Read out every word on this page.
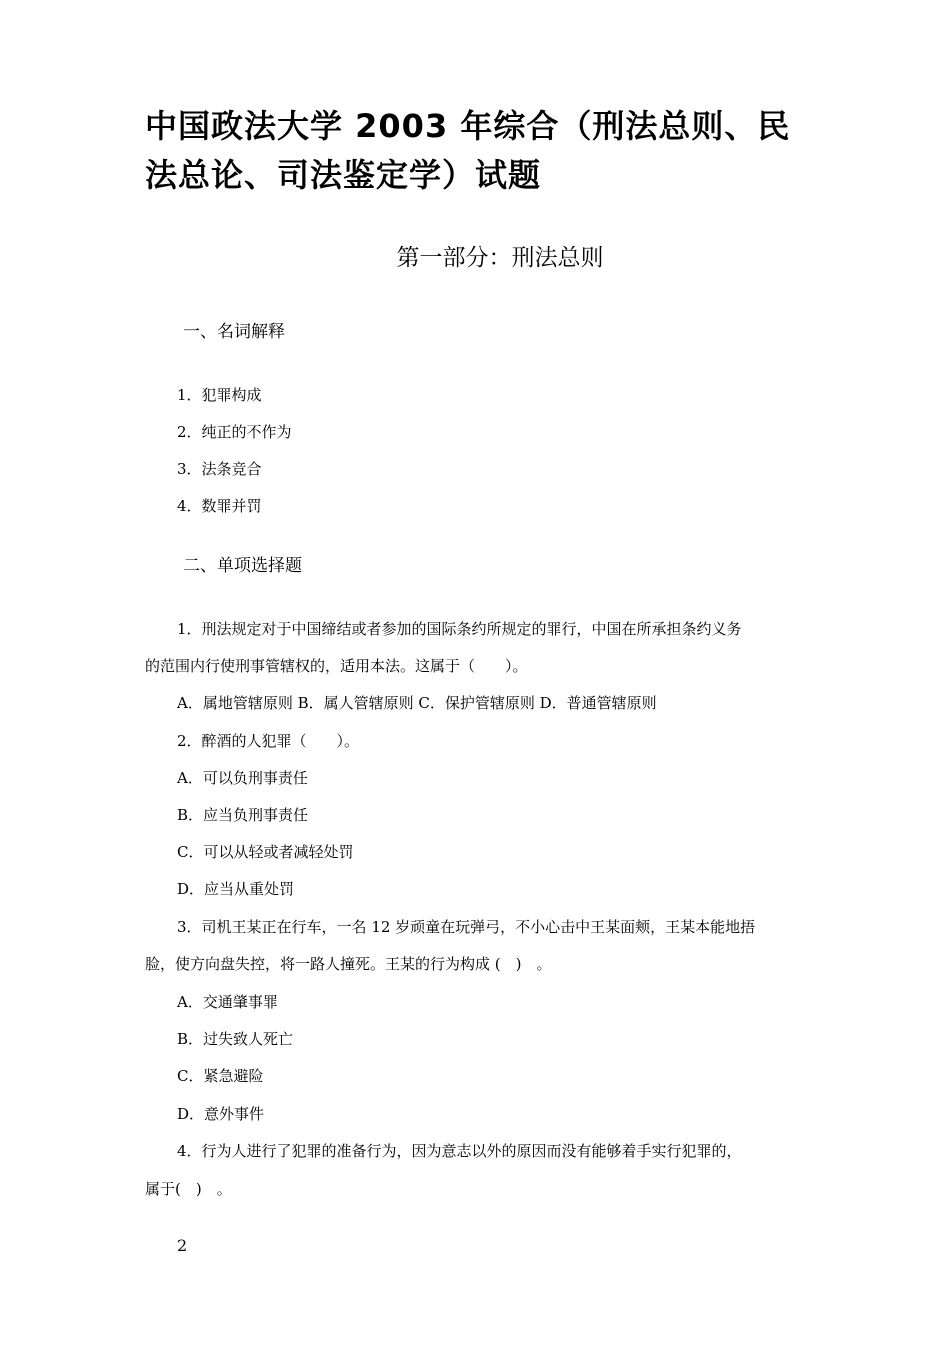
中国政法大学 2003 年综合（刑法总则、民
法总论、司法鉴定学）试题
第一部分：刑法总则
一、名词解释
1．犯罪构成
2．纯正的不作为
3．法条竞合
4．数罪并罚
二、单项选择题
1．刑法规定对于中国缔结或者参加的国际条约所规定的罪行，中国在所承担条约义务
的范围内行使刑事管辖权的，适用本法。这属于（　　）。
A．属地管辖原则 B．属人管辖原则 C．保护管辖原则 D．普通管辖原则
2．醉酒的人犯罪（　　）。
A．可以负刑事责任
B．应当负刑事责任
C．可以从轻或者减轻处罚
D．应当从重处罚
3．司机王某正在行车，一名 12 岁顽童在玩弹弓，不小心击中王某面颊，王某本能地捂
脸，使方向盘失控，将一路人撞死。王某的行为构成 (　)　。
A．交通肇事罪
B．过失致人死亡
C．紧急避险
D．意外事件
4．行为人进行了犯罪的准备行为，因为意志以外的原因而没有能够着手实行犯罪的，
属于(　)　。
2
